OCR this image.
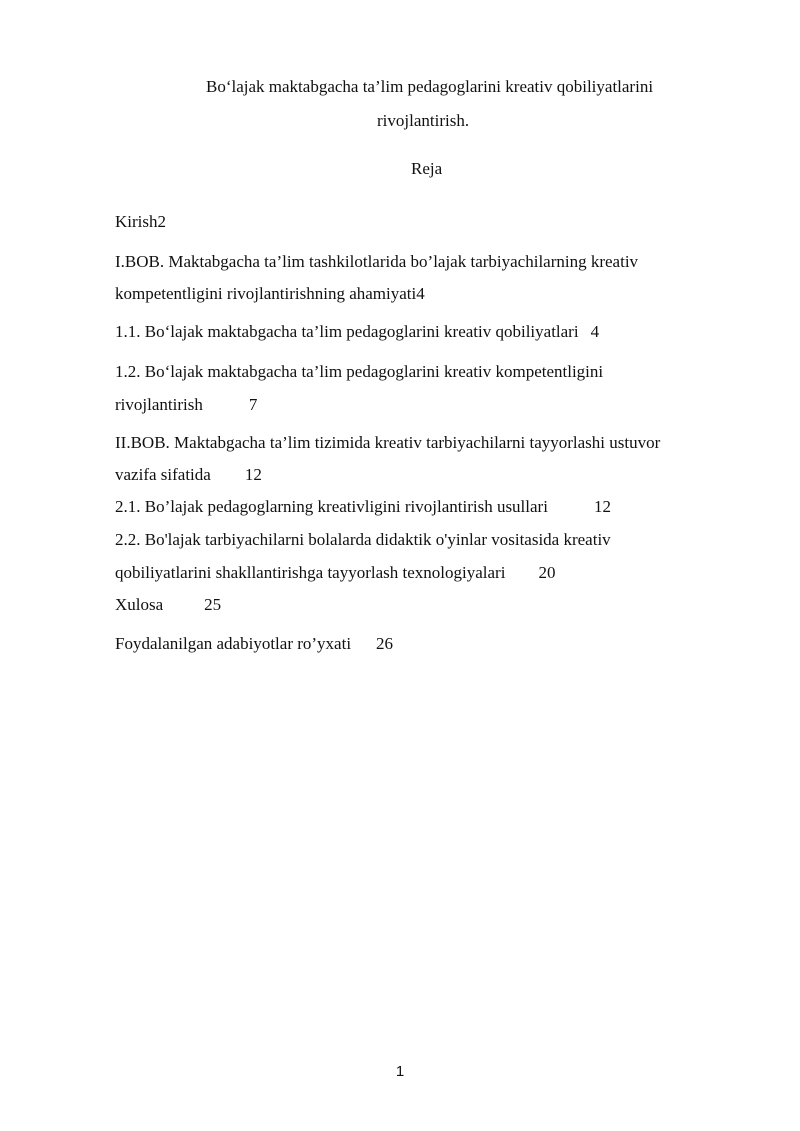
Bo‘lajak maktabgacha ta’lim pedagoglarini kreativ qobiliyatlarini
rivojlantirish.
Reja
Kirish2
I.BOB. Maktabgacha ta’lim tashkilotlarida bo’lajak tarbiyachilarning kreativ
kompetentligini rivojlantirishning ahamiyati4
1.1. Bo‘lajak maktabgacha ta’lim pedagoglarini kreativ qobiliyatlari 4
1.2. Bo‘lajak maktabgacha ta’lim pedagoglarini kreativ kompetentligini
rivojlantirish	7
II.BOB. Maktabgacha ta’lim tizimida kreativ tarbiyachilarni tayyorlashi ustuvor
vazifa sifatida 12
2.1. Bo’lajak pedagoglarning kreativligini rivojlantirish usullari	12
2.2. Bo'lajak tarbiyachilarni bolalarda didaktik o'yinlar vositasida kreativ
qobiliyatlarini shakllantirishga tayyorlash texnologiyalari 20
Xulosa 25
Foydalanilgan adabiyotlar ro’yxati 26
1
